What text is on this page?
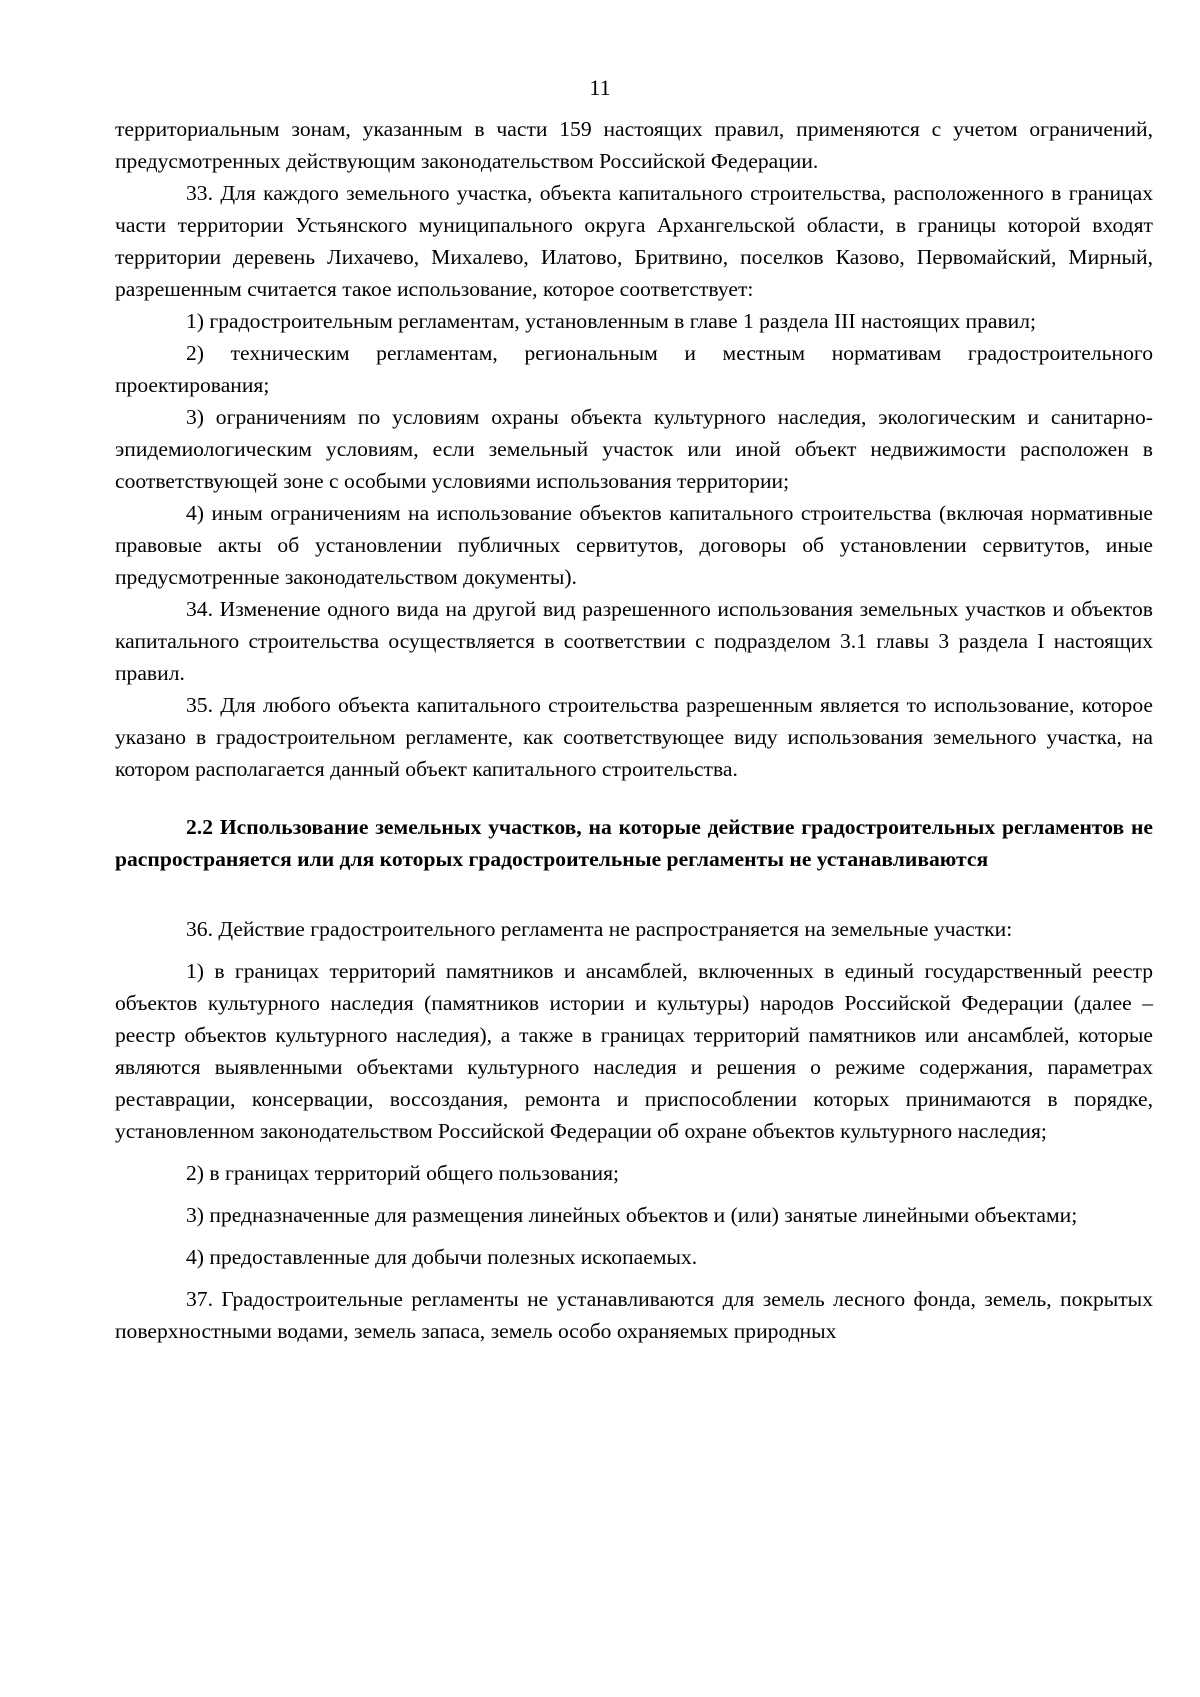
11

территориальным зонам, указанным в части 159 настоящих правил, применяются с учетом ограничений, предусмотренных действующим законодательством Российской Федерации.

33. Для каждого земельного участка, объекта капитального строительства, расположенного в границах части территории Устьянского муниципального округа Архангельской области, в границы которой входят территории деревень Лихачево, Михалево, Илатово, Бритвино, поселков Казово, Первомайский, Мирный, разрешенным считается такое использование, которое соответствует:

1) градостроительным регламентам, установленным в главе 1 раздела III настоящих правил;

2) техническим регламентам, региональным и местным нормативам градостроительного проектирования;

3) ограничениям по условиям охраны объекта культурного наследия, экологическим и санитарно-эпидемиологическим условиям, если земельный участок или иной объект недвижимости расположен в соответствующей зоне с особыми условиями использования территории;

4) иным ограничениям на использование объектов капитального строительства (включая нормативные правовые акты об установлении публичных сервитутов, договоры об установлении сервитутов, иные предусмотренные законодательством документы).

34. Изменение одного вида на другой вид разрешенного использования земельных участков и объектов капитального строительства осуществляется в соответствии с подразделом 3.1 главы 3 раздела I настоящих правил.

35. Для любого объекта капитального строительства разрешенным является то использование, которое указано в градостроительном регламенте, как соответствующее виду использования земельного участка, на котором располагается данный объект капитального строительства.

2.2 Использование земельных участков, на которые действие градостроительных регламентов не распространяется или для которых градостроительные регламенты не устанавливаются

36. Действие градостроительного регламента не распространяется на земельные участки:

1) в границах территорий памятников и ансамблей, включенных в единый государственный реестр объектов культурного наследия (памятников истории и культуры) народов Российской Федерации (далее – реестр объектов культурного наследия), а также в границах территорий памятников или ансамблей, которые являются выявленными объектами культурного наследия и решения о режиме содержания, параметрах реставрации, консервации, воссоздания, ремонта и приспособлении которых принимаются в порядке, установленном законодательством Российской Федерации об охране объектов культурного наследия;

2) в границах территорий общего пользования;

3) предназначенные для размещения линейных объектов и (или) занятые линейными объектами;

4) предоставленные для добычи полезных ископаемых.

37. Градостроительные регламенты не устанавливаются для земель лесного фонда, земель, покрытых поверхностными водами, земель запаса, земель особо охраняемых природных
